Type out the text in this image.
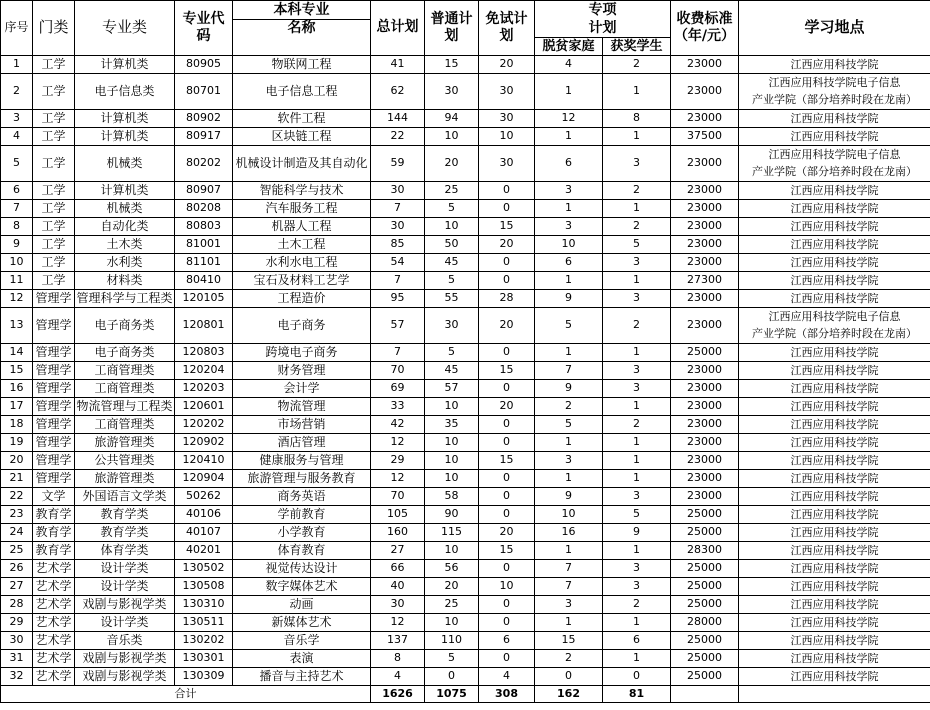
序号	门类	专业类	专业代码	本科专业	总计划	普通计划	免试计划	专项		收费标准（年/元）	学习地点
				名称				计划			
								脱贫家庭	获奖学生		
1	工学	计算机类	80905	物联网工程	41	15	20	4	2	23000	江西应用科技学院

2	工学	电子信息类	80701	电子信息工程	62	30	30	1	1	23000	江西应用科技学院电子信息
产业学院（部分培养时段在龙南）

3	工学	计算机类	80902	软件工程	144	94	30	12	8	23000	江西应用科技学院

4	工学	计算机类	80917	区块链工程	22	10	10	1	1	37500	江西应用科技学院

5	工学	机械类	80202	机械设计制造及其自动化	59	20	30	6	3	23000	江西应用科技学院电子信息
产业学院（部分培养时段在龙南）

6	工学	计算机类	80907	智能科学与技术	30	25	0	3	2	23000	江西应用科技学院

7	工学	机械类	80208	汽车服务工程	7	5	0	1	1	23000	江西应用科技学院

8	工学	自动化类	80803	机器人工程	30	10	15	3	2	23000	江西应用科技学院

9	工学	土木类	81001	土木工程	85	50	20	10	5	23000	江西应用科技学院

10	工学	水利类	81101	水利水电工程	54	45	0	6	3	23000	江西应用科技学院

11	工学	材料类	80410	宝石及材料工艺学	7	5	0	1	1	27300	江西应用科技学院

12	管理学	管理科学与工程类	120105	工程造价	95	55	28	9	3	23000	江西应用科技学院

13	管理学	电子商务类	120801	电子商务	57	30	20	5	2	23000	江西应用科技学院电子信息
产业学院（部分培养时段在龙南）

14	管理学	电子商务类	120803	跨境电子商务	7	5	0	1	1	25000	江西应用科技学院

15	管理学	工商管理类	120204	财务管理	70	45	15	7	3	23000	江西应用科技学院

16	管理学	工商管理类	120203	会计学	69	57	0	9	3	23000	江西应用科技学院

17	管理学	物流管理与工程类	120601	物流管理	33	10	20	2	1	23000	江西应用科技学院

18	管理学	工商管理类	120202	市场营销	42	35	0	5	2	23000	江西应用科技学院

19	管理学	旅游管理类	120902	酒店管理	12	10	0	1	1	23000	江西应用科技学院

20	管理学	公共管理类	120410	健康服务与管理	29	10	15	3	1	23000	江西应用科技学院

21	管理学	旅游管理类	120904	旅游管理与服务教育	12	10	0	1	1	23000	江西应用科技学院

22	文学	外国语言文学类	50262	商务英语	70	58	0	9	3	23000	江西应用科技学院

23	教育学	教育学类	40106	学前教育	105	90	0	10	5	25000	江西应用科技学院

24	教育学	教育学类	40107	小学教育	160	115	20	16	9	25000	江西应用科技学院

25	教育学	体育学类	40201	体育教育	27	10	15	1	1	28300	江西应用科技学院

26	艺术学	设计学类	130502	视觉传达设计	66	56	0	7	3	25000	江西应用科技学院

27	艺术学	设计学类	130508	数字媒体艺术	40	20	10	7	3	25000	江西应用科技学院

28	艺术学	戏剧与影视学类	130310	动画	30	25	0	3	2	25000	江西应用科技学院

29	艺术学	设计学类	130511	新媒体艺术	12	10	0	1	1	28000	江西应用科技学院

30	艺术学	音乐类	130202	音乐学	137	110	6	15	6	25000	江西应用科技学院

31	艺术学	戏剧与影视学类	130301	表演	8	5	0	2	1	25000	江西应用科技学院

32	艺术学	戏剧与影视学类	130309	播音与主持艺术	4	0	4	0	0	25000	江西应用科技学院

合计					1626	1075	308	162	81		
